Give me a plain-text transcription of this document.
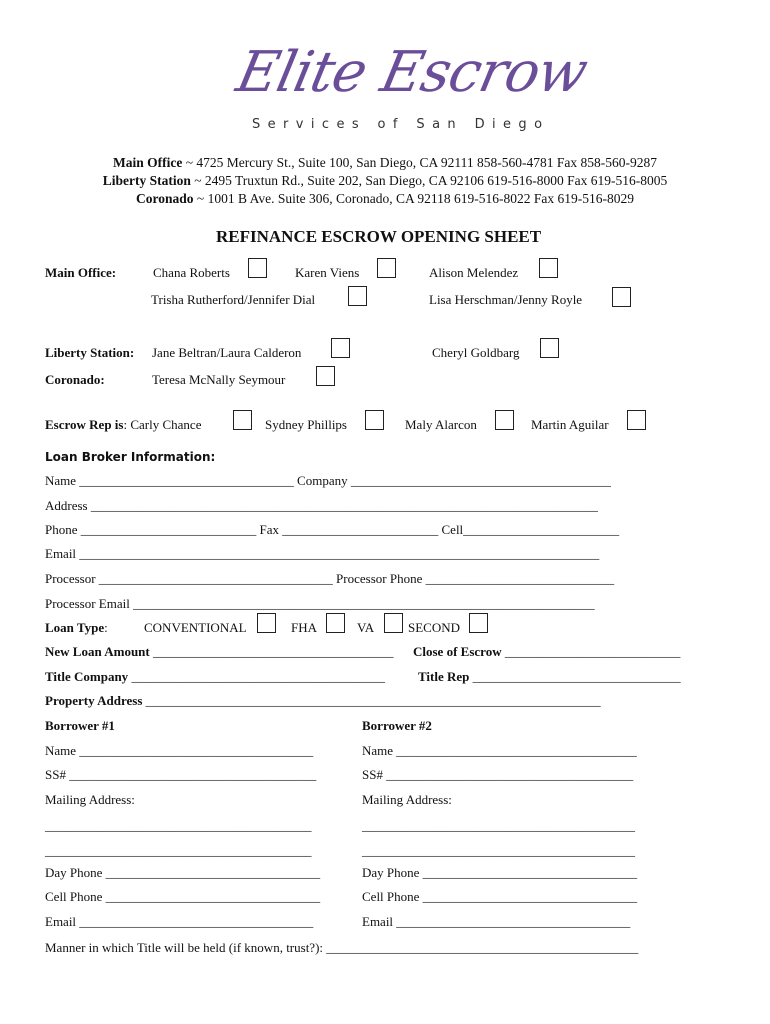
Elite Escrow
Services of San Diego
Main Office ~ 4725 Mercury St., Suite 100, San Diego, CA 92111 858-560-4781 Fax 858-560-9287
Liberty Station ~ 2495 Truxtun Rd., Suite 202, San Diego, CA 92106 619-516-8000 Fax 619-516-8005
Coronado ~ 1001 B Ave. Suite 306, Coronado, CA 92118 619-516-8022 Fax 619-516-8029
REFINANCE ESCROW OPENING SHEET
Main Office:	Chana Roberts	Karen Viens	Alison Melendez
Trisha Rutherford/Jennifer Dial	Lisa Herschman/Jenny Royle
Liberty Station: Jane Beltran/Laura Calderon	Cheryl Goldbarg
Coronado:	Teresa McNally Seymour
Escrow Rep is: Carly Chance	Sydney Phillips	Maly Alarcon	Martin Aguilar
Loan Broker Information:
Name _________________________________ Company ________________________________________
Address ______________________________________________________________________________
Phone ___________________________ Fax ________________________ Cell________________________
Email ________________________________________________________________________________
Processor ____________________________________ Processor Phone _____________________________
Processor Email _______________________________________________________________________
Loan Type:	CONVENTIONAL	FHA	VA	SECOND
New Loan Amount _____________________________________ Close of Escrow ___________________________
Title Company _______________________________________	Title Rep ________________________________
Property Address ______________________________________________________________________
Borrower #1
Name ____________________________________
SS# ______________________________________
Mailing Address:
_________________________________________
_________________________________________
Day Phone _________________________________
Cell Phone _________________________________
Email ____________________________________
Borrower #2
Name _____________________________________
SS# ______________________________________
Mailing Address:
__________________________________________
__________________________________________
Day Phone _________________________________
Cell Phone _________________________________
Email ____________________________________
Manner in which Title will be held (if known, trust?): ________________________________________________
